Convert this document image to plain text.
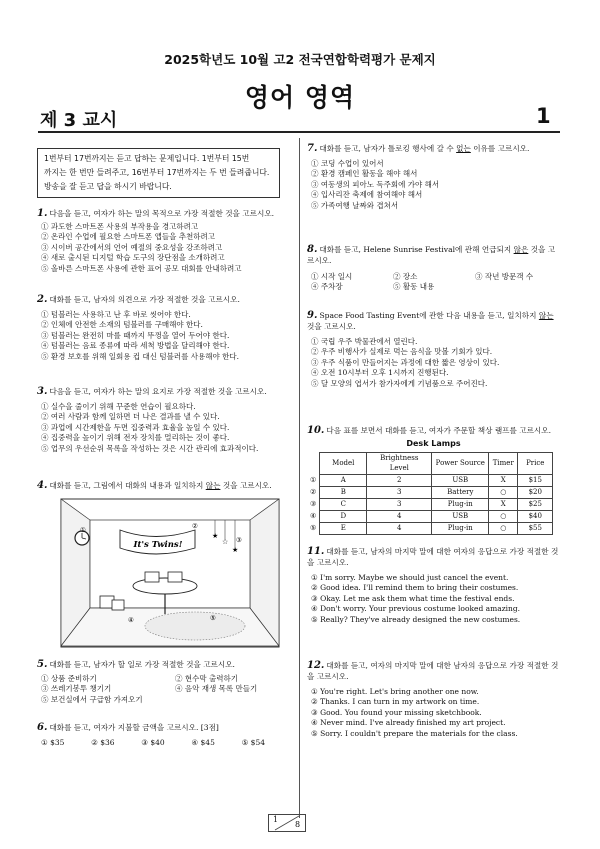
2025학년도 10월 고2 전국연합학력평가 문제지
영어 영역
제 3 교시	1
1번부터 17번까지는 듣고 답하는 문제입니다. 1번부터 15번
까지는 한 번만 들려주고, 16번부터 17번까지는 두 번 들려줍니다.
방송을 잘 듣고 답을 하시기 바랍니다.
1. 다음을 듣고, 여자가 하는 말의 목적으로 가장 적절한 것을 고르시오.
① 과도한 스마트폰 사용의 부작용을 경고하려고
② 온라인 수업에 필요한 스마트폰 앱들을 추천하려고
③ 시이버 공간에서의 언어 예절의 중요성을 강조하려고
④ 새로 출시된 디지털 학습 도구의 장단점을 소개하려고
⑤ 올바른 스마트폰 사용에 관한 표어 공모 대회를 안내하려고
2. 대화를 듣고, 남자의 의견으로 가장 적절한 것을 고르시오.
① 텀블러는 사용하고 난 후 바로 씻어야 한다.
② 인체에 안전한 소재의 텀블러를 구매해야 한다.
③ 텀블러는 완전히 마를 때까지 뚜껑을 열어 두어야 한다.
④ 텀블러는 음료 종류에 따라 세척 방법을 달리해야 한다.
⑤ 환경 보호를 위해 일회용 컵 대신 텀블러를 사용해야 한다.
3. 다음을 듣고, 여자가 하는 말의 요지로 가장 적절한 것을 고르시오.
① 실수을 줄이기 위해 꾸준한 연습이 필요하다.
② 여러 사람과 함께 일하면 더 나은 결과를 낼 수 있다.
③ 과업에 시간제한을 두면 집중력과 효율을 높일 수 있다.
④ 집중력을 높이기 위해 전자 장치를 멀리하는 것이 좋다.
⑤ 업무의 우선순위 목록을 작성하는 것은 시간 관리에 효과적이다.
4. 대화를 듣고, 그림에서 대화의 내용과 일치하지 않는 것을 고르시오.
It's Twins!
★
☆
★
①	②
③
④	⑤
5. 대화를 듣고, 남자가 할 일로 가장 적절한 것을 고르시오.
① 상품 준비하기	② 현수막 출력하기
③ 쓰레기봉투 챙기기	④ 음악 재생 목록 만들기
⑤ 보건실에서 구급함 가져오기
6. 대화를 듣고, 여자가 지불할 금액을 고르시오. [3점]
① $35	② $36	③ $40	④ $45	⑤ $54
7. 대화를 듣고, 남자가 틀로킹 행사에 갈 수 없는 이유를 고르시오.
① 코딩 수업이 있어서
② 환경 캠페인 활동을 해야 해서
③ 여동생의 피아노 독주회에 가야 해서
④ 입사리잔 축제에 참여해야 해서
⑤ 가족여행 날짜와 겹쳐서
8. 대화를 듣고, Helene Sunrise Festival에 관해 언급되지 않은 것을 고르시오.
① 시작 일시	② 장소	③ 작년 방문객 수
④ 주차장	⑤ 활동 내용
9. Space Food Tasting Event에 관한 다음 내용을 듣고, 일치하지 않는 것을 고르시오.
① 국립 우주 박물관에서 열린다.
② 우주 비행사가 실제로 먹는 음식을 맛볼 기회가 있다.
③ 우주 식품이 만들어지는 과정에 대한 짧은 영상이 있다.
④ 오전 10시부터 오후 1시까지 진행된다.
⑤ 달 모양의 엽서가 참가자에게 기념품으로 주어진다.
10. 다음 표를 보면서 대화를 듣고, 여자가 주문할 책상 램프를 고르시오.
Desk Lamps
	Model	Brightness Level	Power Source	Timer	Price
①	A	2	USB	X	$15
②	B	3	Battery	○	$20
③	C	3	Plug-in	X	$25
④	D	4	USB	○	$40
⑤	E	4	Plug-in	○	$55
11. 대화를 듣고, 남자의 마지막 말에 대한 여자의 응답으로 가장 적절한 것을 고르시오.
① I'm sorry. Maybe we should just cancel the event.
② Good idea. I'll remind them to bring their costumes.
③ Okay. Let me ask them what time the festival ends.
④ Don't worry. Your previous costume looked amazing.
⑤ Really? They've already designed the new costumes.
12. 대화를 듣고, 여자의 마지막 말에 대한 남자의 응답으로 가장 적절한 것을 고르시오.
① You're right. Let's bring another one now.
② Thanks. I can turn in my artwork on time.
③ Good. You found your missing sketchbook.
④ Never mind. I've already finished my art project.
⑤ Sorry. I couldn't prepare the materials for the class.
1
8
